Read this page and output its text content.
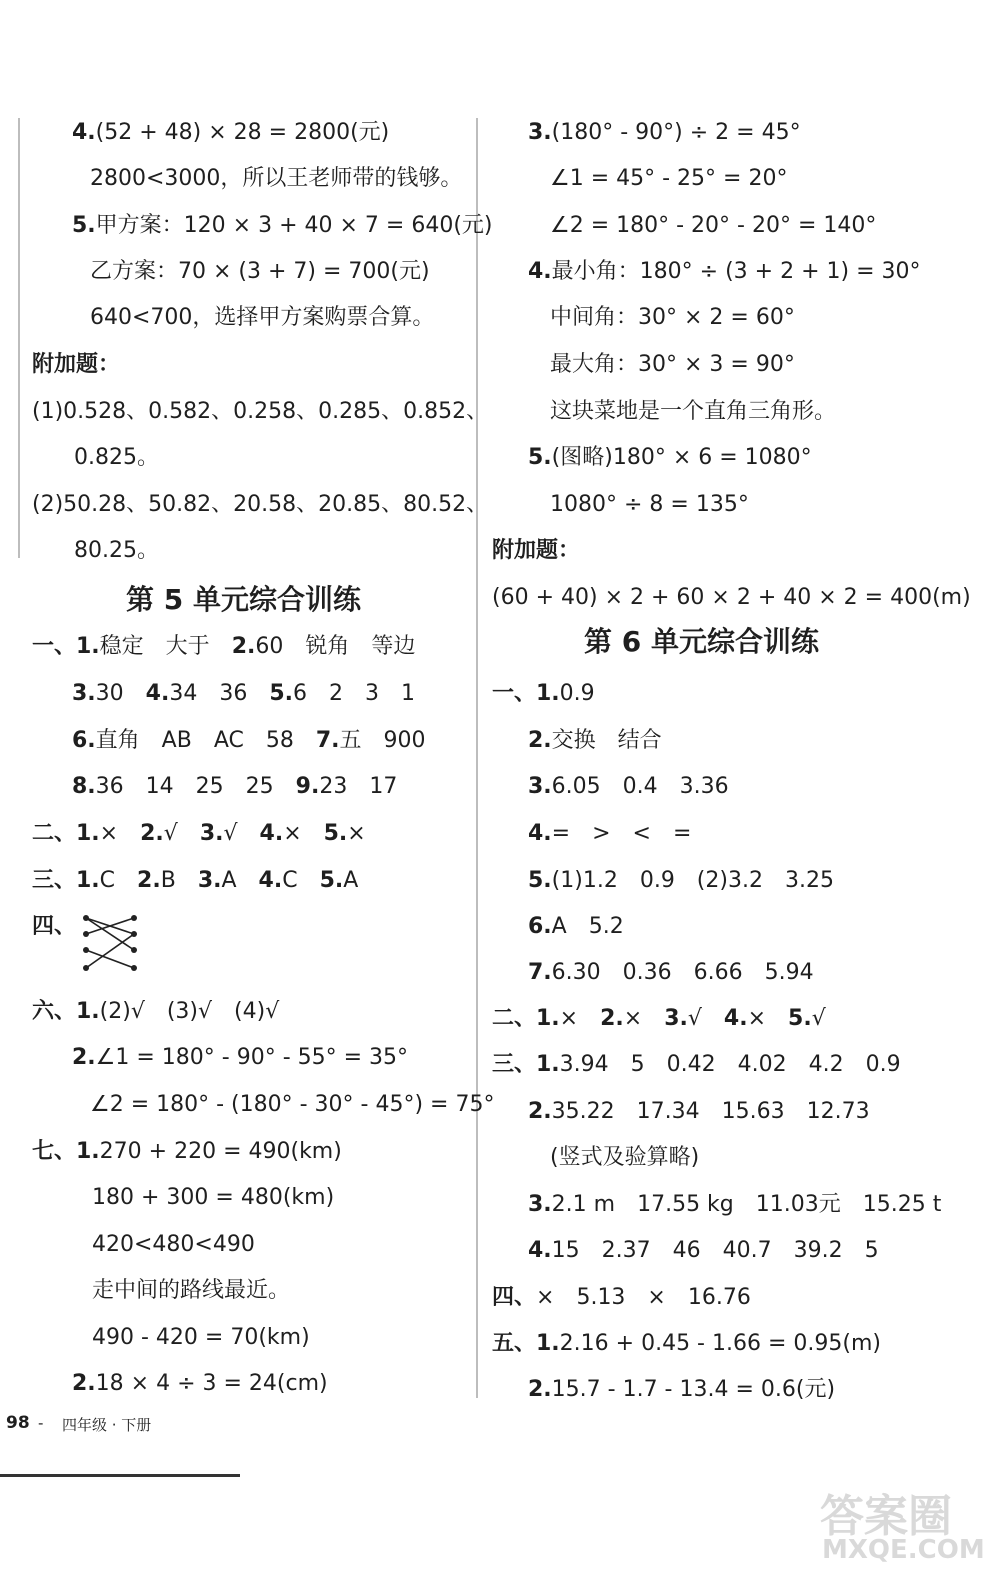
4.(52 + 48) × 28 = 2800(元)
2800<3000，所以王老师带的钱够。
5.甲方案：120 × 3 + 40 × 7 = 640(元)
乙方案：70 × (3 + 7) = 700(元)
640<700，选择甲方案购票合算。
附加题：
(1)0.528、0.582、0.258、0.285、0.852、
0.825。
(2)50.28、50.82、20.58、20.85、80.52、
80.25。
一、1.稳定　大于　2.60　锐角　等边
3.30　4.34　36　5.6　2　3　1
6.直角　AB　AC　58　7.五　900
8.36　14　25　25　9.23　17
二、1.×　2.√　3.√　4.×　5.×
三、1.C　2.B　3.A　4.C　5.A
四、
六、1.(2)√　(3)√　(4)√
2.∠1 = 180° - 90° - 55° = 35°
∠2 = 180° - (180° - 30° - 45°) = 75°
七、1.270 + 220 = 490(km)
180 + 300 = 480(km)
420<480<490
走中间的路线最近。
490 - 420 = 70(km)
2.18 × 4 ÷ 3 = 24(cm)
3.(180° - 90°) ÷ 2 = 45°
∠1 = 45° - 25° = 20°
∠2 = 180° - 20° - 20° = 140°
4.最小角：180° ÷ (3 + 2 + 1) = 30°
中间角：30° × 2 = 60°
最大角：30° × 3 = 90°
这块菜地是一个直角三角形。
5.(图略)180° × 6 = 1080°
1080° ÷ 8 = 135°
附加题：
(60 + 40) × 2 + 60 × 2 + 40 × 2 = 400(m)
一、1.0.9
2.交换　结合
3.6.05　0.4　3.36
4.=　>　<　=
5.(1)1.2　0.9　(2)3.2　3.25
6.A　5.2
7.6.30　0.36　6.66　5.94
二、1.×　2.×　3.√　4.×　5.√
三、1.3.94　5　0.42　4.02　4.2　0.9
2.35.22　17.34　15.63　12.73
(竖式及验算略)
3.2.1 m　17.55 kg　11.03元　15.25 t
4.15　2.37　46　40.7　39.2　5
四、×　5.13　×　16.76
五、1.2.16 + 0.45 - 1.66 = 0.95(m)
2.15.7 - 1.7 - 13.4 = 0.6(元)
第 5 单元综合训练
第 6 单元综合训练
98 - 四年级 · 下册
答案圈
MXQE.COM
